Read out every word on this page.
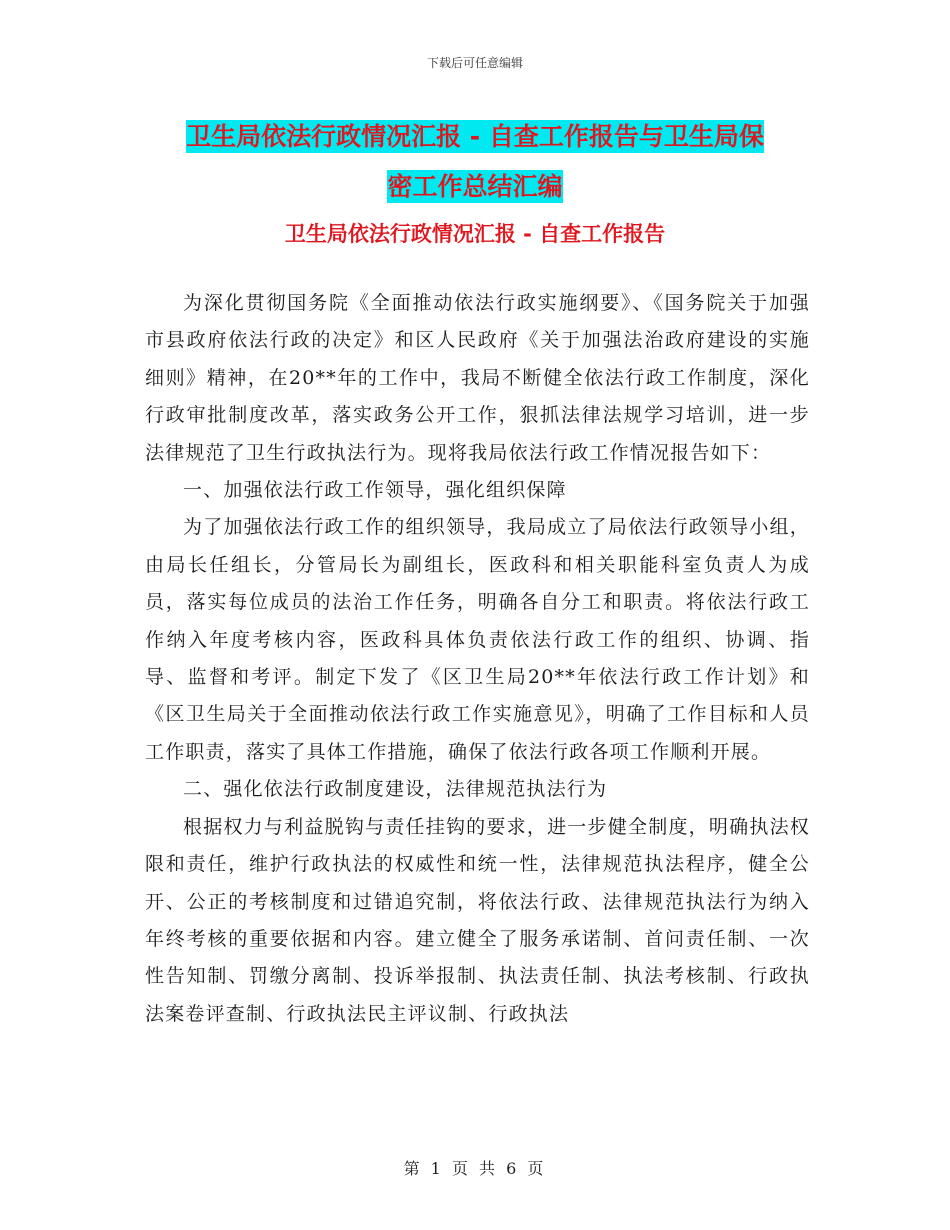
下载后可任意编辑
卫生局依法行政情况汇报 - 自查工作报告与卫生局保
密工作总结汇编
卫生局依法行政情况汇报 - 自查工作报告

为深化贯彻国务院《全面推动依法行政实施纲要》、《国务院关于加强市县政府依法行政的决定》和区人民政府《关于加强法治政府建设的实施细则》精神，在20**年的工作中，我局不断健全依法行政工作制度，深化行政审批制度改革，落实政务公开工作，狠抓法律法规学习培训，进一步法律规范了卫生行政执法行为。现将我局依法行政工作情况报告如下：

一、加强依法行政工作领导，强化组织保障

为了加强依法行政工作的组织领导，我局成立了局依法行政领导小组，由局长任组长，分管局长为副组长，医政科和相关职能科室负责人为成员，落实每位成员的法治工作任务，明确各自分工和职责。将依法行政工作纳入年度考核内容，医政科具体负责依法行政工作的组织、协调、指导、监督和考评。制定下发了《区卫生局20**年依法行政工作计划》和《区卫生局关于全面推动依法行政工作实施意见》，明确了工作目标和人员工作职责，落实了具体工作措施，确保了依法行政各项工作顺利开展。

二、强化依法行政制度建设，法律规范执法行为

根据权力与利益脱钩与责任挂钩的要求，进一步健全制度，明确执法权限和责任，维护行政执法的权威性和统一性，法律规范执法程序，健全公开、公正的考核制度和过错追究制，将依法行政、法律规范执法行为纳入年终考核的重要依据和内容。建立健全了服务承诺制、首问责任制、一次性告知制、罚缴分离制、投诉举报制、执法责任制、执法考核制、行政执法案卷评查制、行政执法民主评议制、行政执法

第 1 页 共 6 页
